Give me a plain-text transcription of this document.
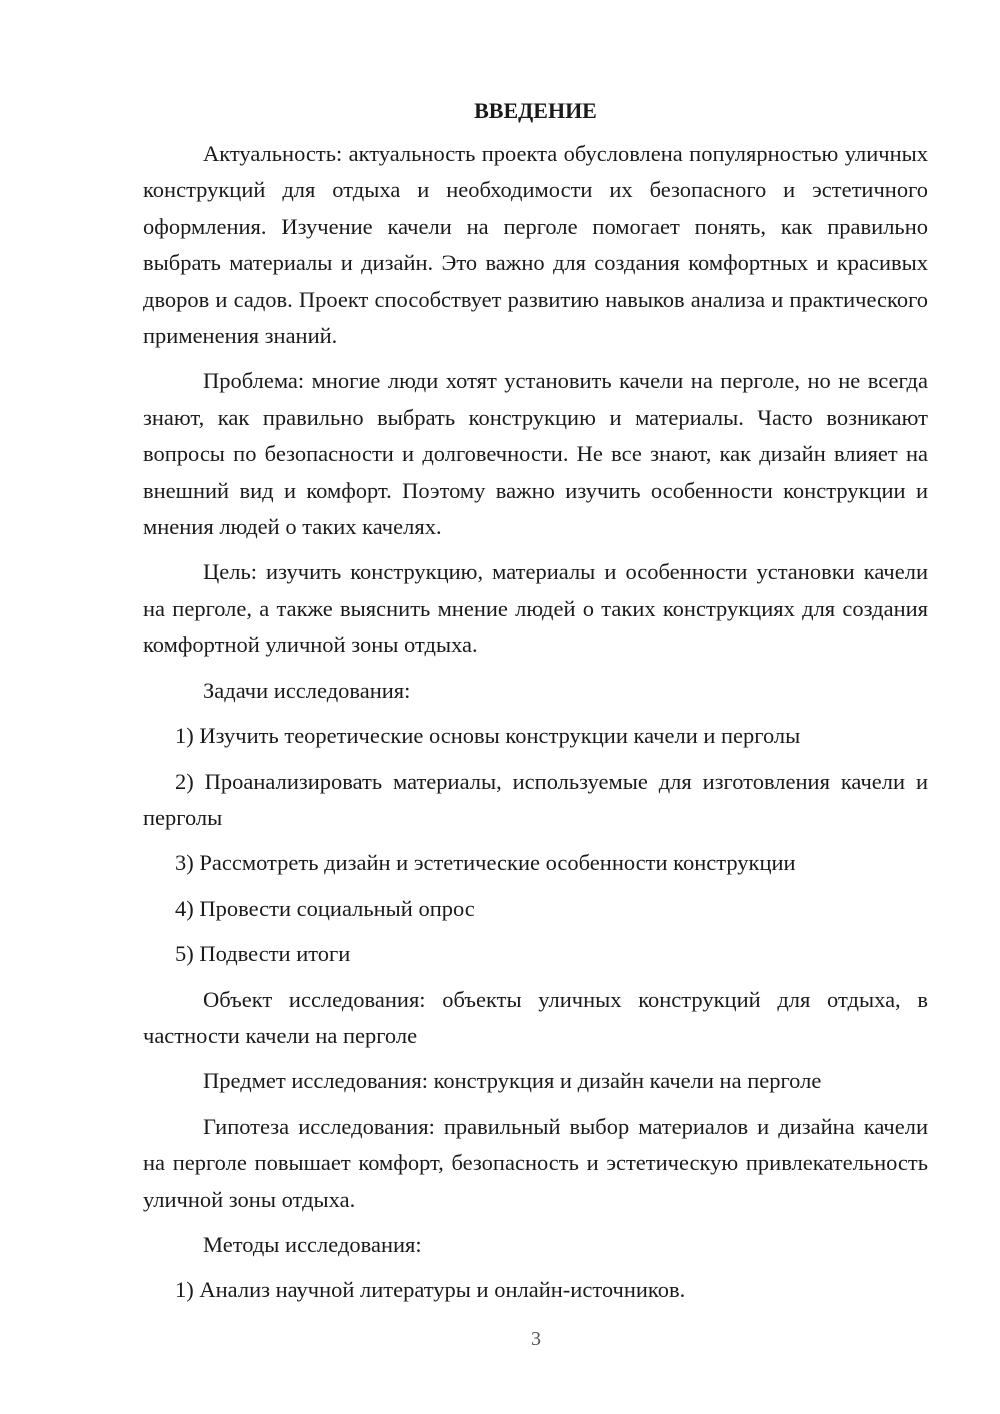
ВВЕДЕНИЕ

Актуальность: актуальность проекта обусловлена популярностью уличных конструкций для отдыха и необходимости их безопасного и эстетичного оформления. Изучение качели на перголе помогает понять, как правильно выбрать материалы и дизайн. Это важно для создания комфортных и красивых дворов и садов. Проект способствует развитию навыков анализа и практического применения знаний.

Проблема: многие люди хотят установить качели на перголе, но не всегда знают, как правильно выбрать конструкцию и материалы. Часто возникают вопросы по безопасности и долговечности. Не все знают, как дизайн влияет на внешний вид и комфорт. Поэтому важно изучить особенности конструкции и мнения людей о таких качелях.

Цель: изучить конструкцию, материалы и особенности установки качели на перголе, а также выяснить мнение людей о таких конструкциях для создания комфортной уличной зоны отдыха.

Задачи исследования:

1) Изучить теоретические основы конструкции качели и перголы

2) Проанализировать материалы, используемые для изготовления качели и перголы

3) Рассмотреть дизайн и эстетические особенности конструкции

4) Провести социальный опрос

5) Подвести итоги

Объект исследования: объекты уличных конструкций для отдыха, в частности качели на перголе

Предмет исследования: конструкция и дизайн качели на перголе

Гипотеза исследования: правильный выбор материалов и дизайна качели на перголе повышает комфорт, безопасность и эстетическую привлекательность уличной зоны отдыха.

Методы исследования:

1) Анализ научной литературы и онлайн-источников.

3
